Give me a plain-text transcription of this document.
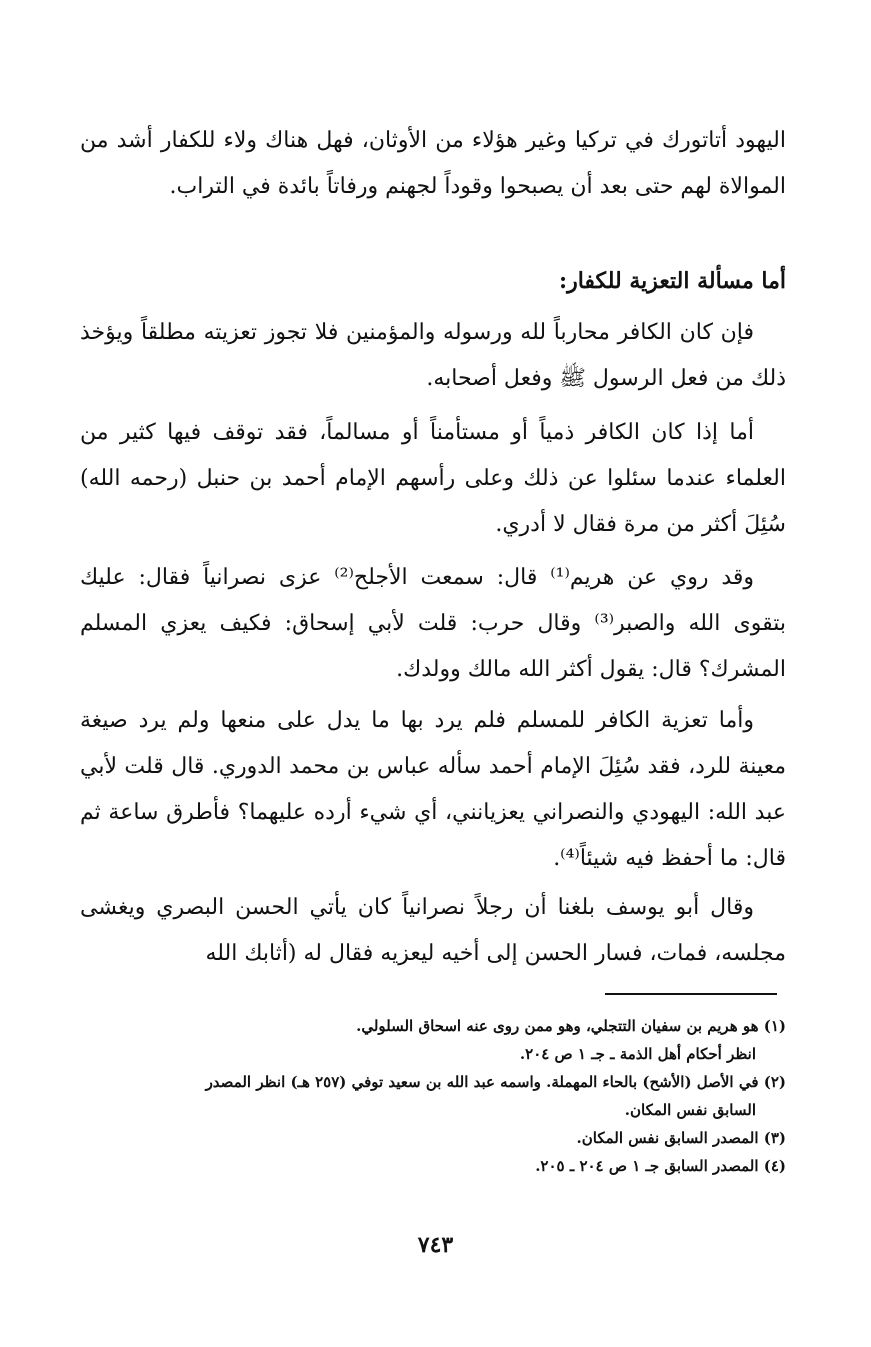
اليهود أتاتورك في تركيا وغير هؤلاء من الأوثان، فهل هناك ولاء للكفار أشد من الموالاة لهم حتى بعد أن يصبحوا وقوداً لجهنم ورفاتاً بائدة في التراب.

أما مسألة التعزية للكفار:

فإن كان الكافر محارباً لله ورسوله والمؤمنين فلا تجوز تعزيته مطلقاً ويؤخذ ذلك من فعل الرسول ﷺ وفعل أصحابه.

أما إذا كان الكافر ذمياً أو مستأمناً أو مسالماً، فقد توقف فيها كثير من العلماء عندما سئلوا عن ذلك وعلى رأسهم الإمام أحمد بن حنبل (رحمه الله) سُئِلَ أكثر من مرة فقال لا أدري.

وقد روي عن هريم⁽¹⁾ قال: سمعت الأجلح⁽²⁾ عزى نصرانياً فقال: عليك بتقوى الله والصبر⁽³⁾ وقال حرب: قلت لأبي إسحاق: فكيف يعزي المسلم المشرك؟ قال: يقول أكثر الله مالك وولدك.

وأما تعزية الكافر للمسلم فلم يرد بها ما يدل على منعها ولم يرد صيغة معينة للرد، فقد سُئِلَ الإمام أحمد سأله عباس بن محمد الدوري. قال قلت لأبي عبد الله: اليهودي والنصراني يعزيانني، أي شيء أرده عليهما؟ فأطرق ساعة ثم قال: ما أحفظ فيه شيئاً⁽⁴⁾.

وقال أبو يوسف بلغنا أن رجلاً نصرانياً كان يأتي الحسن البصري ويغشى مجلسه، فمات، فسار الحسن إلى أخيه ليعزيه فقال له (أثابك الله

(١) هو هريم بن سفيان التتجلي، وهو ممن روى عنه اسحاق السلولي.
انظر أحكام أهل الذمة ـ جـ ١ ص ٢٠٤.
(٢) في الأصل (الأشح) بالحاء المهملة. واسمه عبد الله بن سعيد توفي (٢٥٧ هـ) انظر المصدر
السابق نفس المكان.
(٣) المصدر السابق نفس المكان.
(٤) المصدر السابق جـ ١ ص ٢٠٤ ـ ٢٠٥.
٧٤٣
